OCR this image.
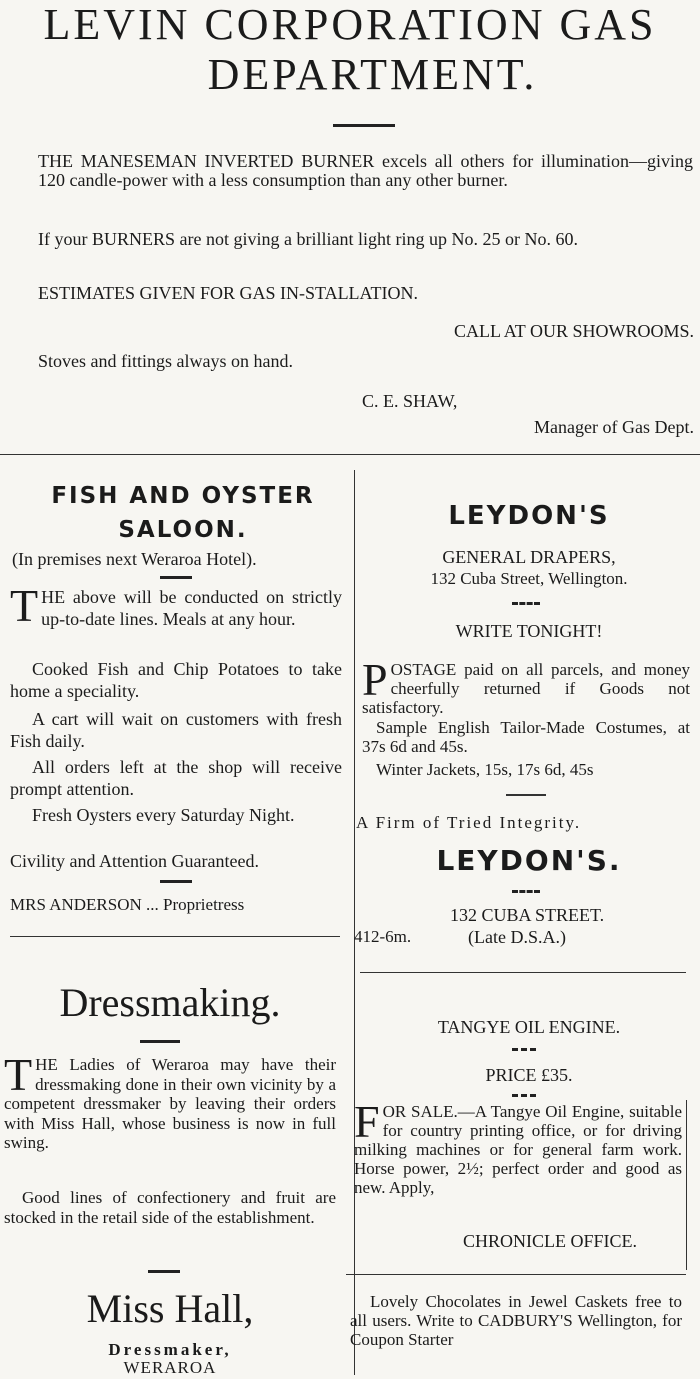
LEVIN CORPORATION GAS
DEPARTMENT.
THE MANESEMAN INVERTED BURNER excels all others for illumination—giving 120 candle-power with a less consumption than any other burner.
If your BURNERS are not giving a brilliant light ring up No. 25 or No. 60.
ESTIMATES GIVEN FOR GAS IN-STALLATION.
CALL AT OUR SHOWROOMS.
Stoves and fittings always on hand.
C. E. SHAW,
Manager of Gas Dept.
FISH AND OYSTER
SALOON.
(In premises next Weraroa Hotel).
T HE above will be conducted on strictly up-to-date lines. Meals at any hour.
Cooked Fish and Chip Potatoes to take home a speciality.
A cart will wait on customers with fresh Fish daily.
All orders left at the shop will receive prompt attention.
Fresh Oysters every Saturday Night.
Civility and Attention Guaranteed.
MRS ANDERSON ... Proprietress
Dressmaking.
T HE Ladies of Weraroa may have their dressmaking done in their own vicinity by a competent dressmaker by leaving their orders with Miss Hall, whose business is now in full swing.
Good lines of confectionery and fruit are stocked in the retail side of the establishment.
Miss Hall,
Dressmaker,
WERAROA
LEYDON'S
GENERAL DRAPERS,
132 Cuba Street, Wellington.
WRITE TONIGHT!
P OSTAGE paid on all parcels, and money cheerfully returned if Goods not satisfactory.
Sample English Tailor-Made Costumes, at 37s 6d and 45s.
Winter Jackets, 15s, 17s 6d, 45s
A Firm of Tried Integrity.
LEYDON'S.
132 CUBA STREET.
412-6m.	(Late D.S.A.)
TANGYE OIL ENGINE.
PRICE £35.
F OR SALE.—A Tangye Oil Engine, suitable for country printing office, or for driving milking machines or for general farm work. Horse power, 2½; perfect order and good as new. Apply,
CHRONICLE OFFICE.
Lovely Chocolates in Jewel Caskets free to all users. Write to CADBURY'S Wellington, for Coupon Starter
